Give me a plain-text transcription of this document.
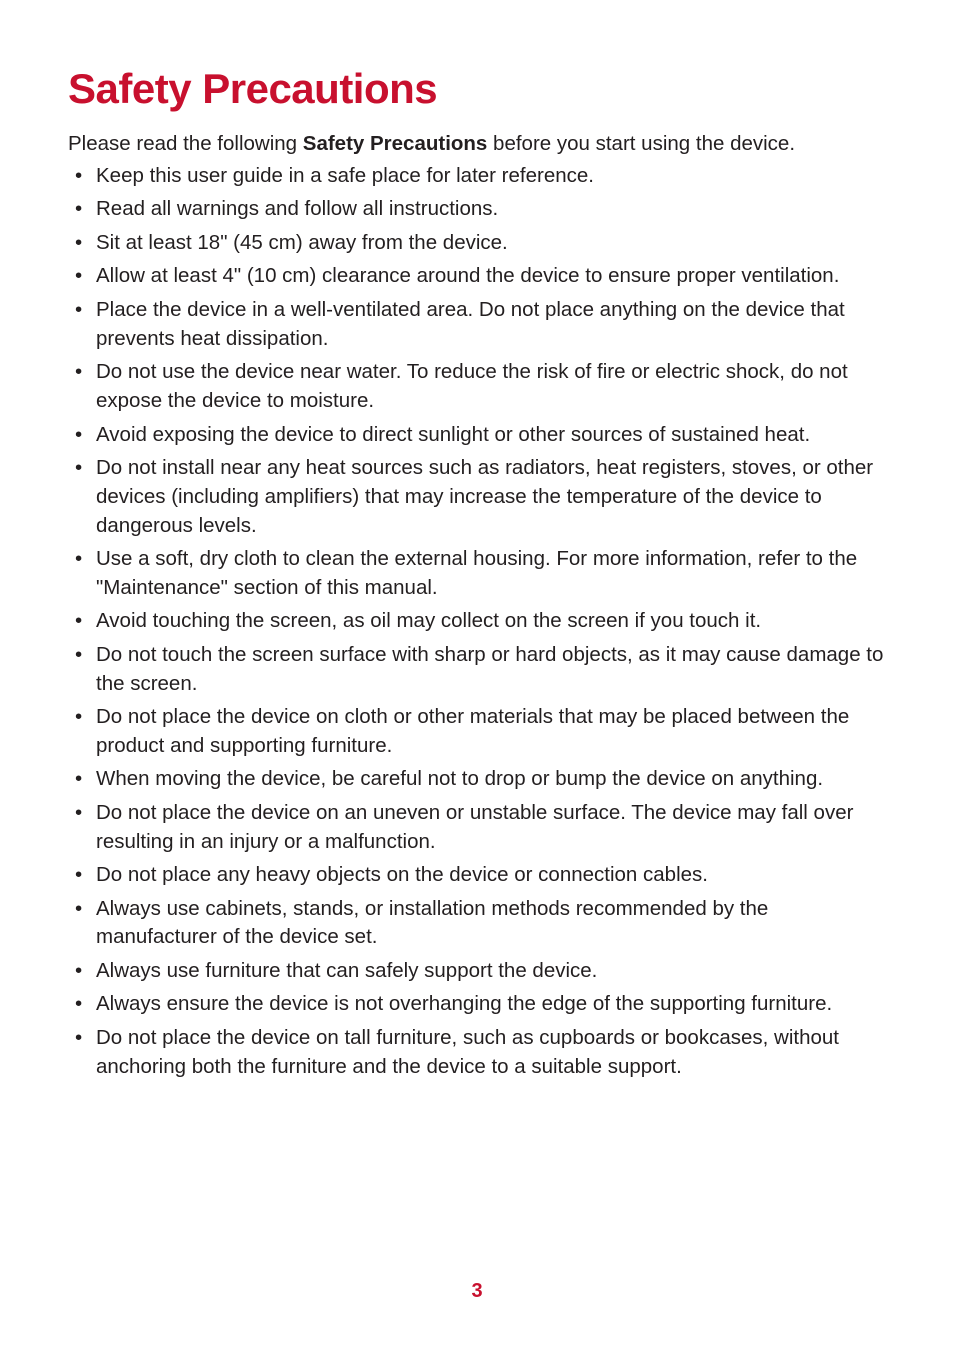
Safety Precautions

Please read the following Safety Precautions before you start using the device.

• Keep this user guide in a safe place for later reference.
• Read all warnings and follow all instructions.
• Sit at least 18" (45 cm) away from the device.
• Allow at least 4" (10 cm) clearance around the device to ensure proper ventilation.
• Place the device in a well-ventilated area. Do not place anything on the device that prevents heat dissipation.
• Do not use the device near water. To reduce the risk of fire or electric shock, do not expose the device to moisture.
• Avoid exposing the device to direct sunlight or other sources of sustained heat.
• Do not install near any heat sources such as radiators, heat registers, stoves, or other devices (including amplifiers) that may increase the temperature of the device to dangerous levels.
• Use a soft, dry cloth to clean the external housing. For more information, refer to the "Maintenance" section of this manual.
• Avoid touching the screen, as oil may collect on the screen if you touch it.
• Do not touch the screen surface with sharp or hard objects, as it may cause damage to the screen.
• Do not place the device on cloth or other materials that may be placed between the product and supporting furniture.
• When moving the device, be careful not to drop or bump the device on anything.
• Do not place the device on an uneven or unstable surface. The device may fall over resulting in an injury or a malfunction.
• Do not place any heavy objects on the device or connection cables.
• Always use cabinets, stands, or installation methods recommended by the manufacturer of the device set.
• Always use furniture that can safely support the device.
• Always ensure the device is not overhanging the edge of the supporting furniture.
• Do not place the device on tall furniture, such as cupboards or bookcases, without anchoring both the furniture and the device to a suitable support.
3
